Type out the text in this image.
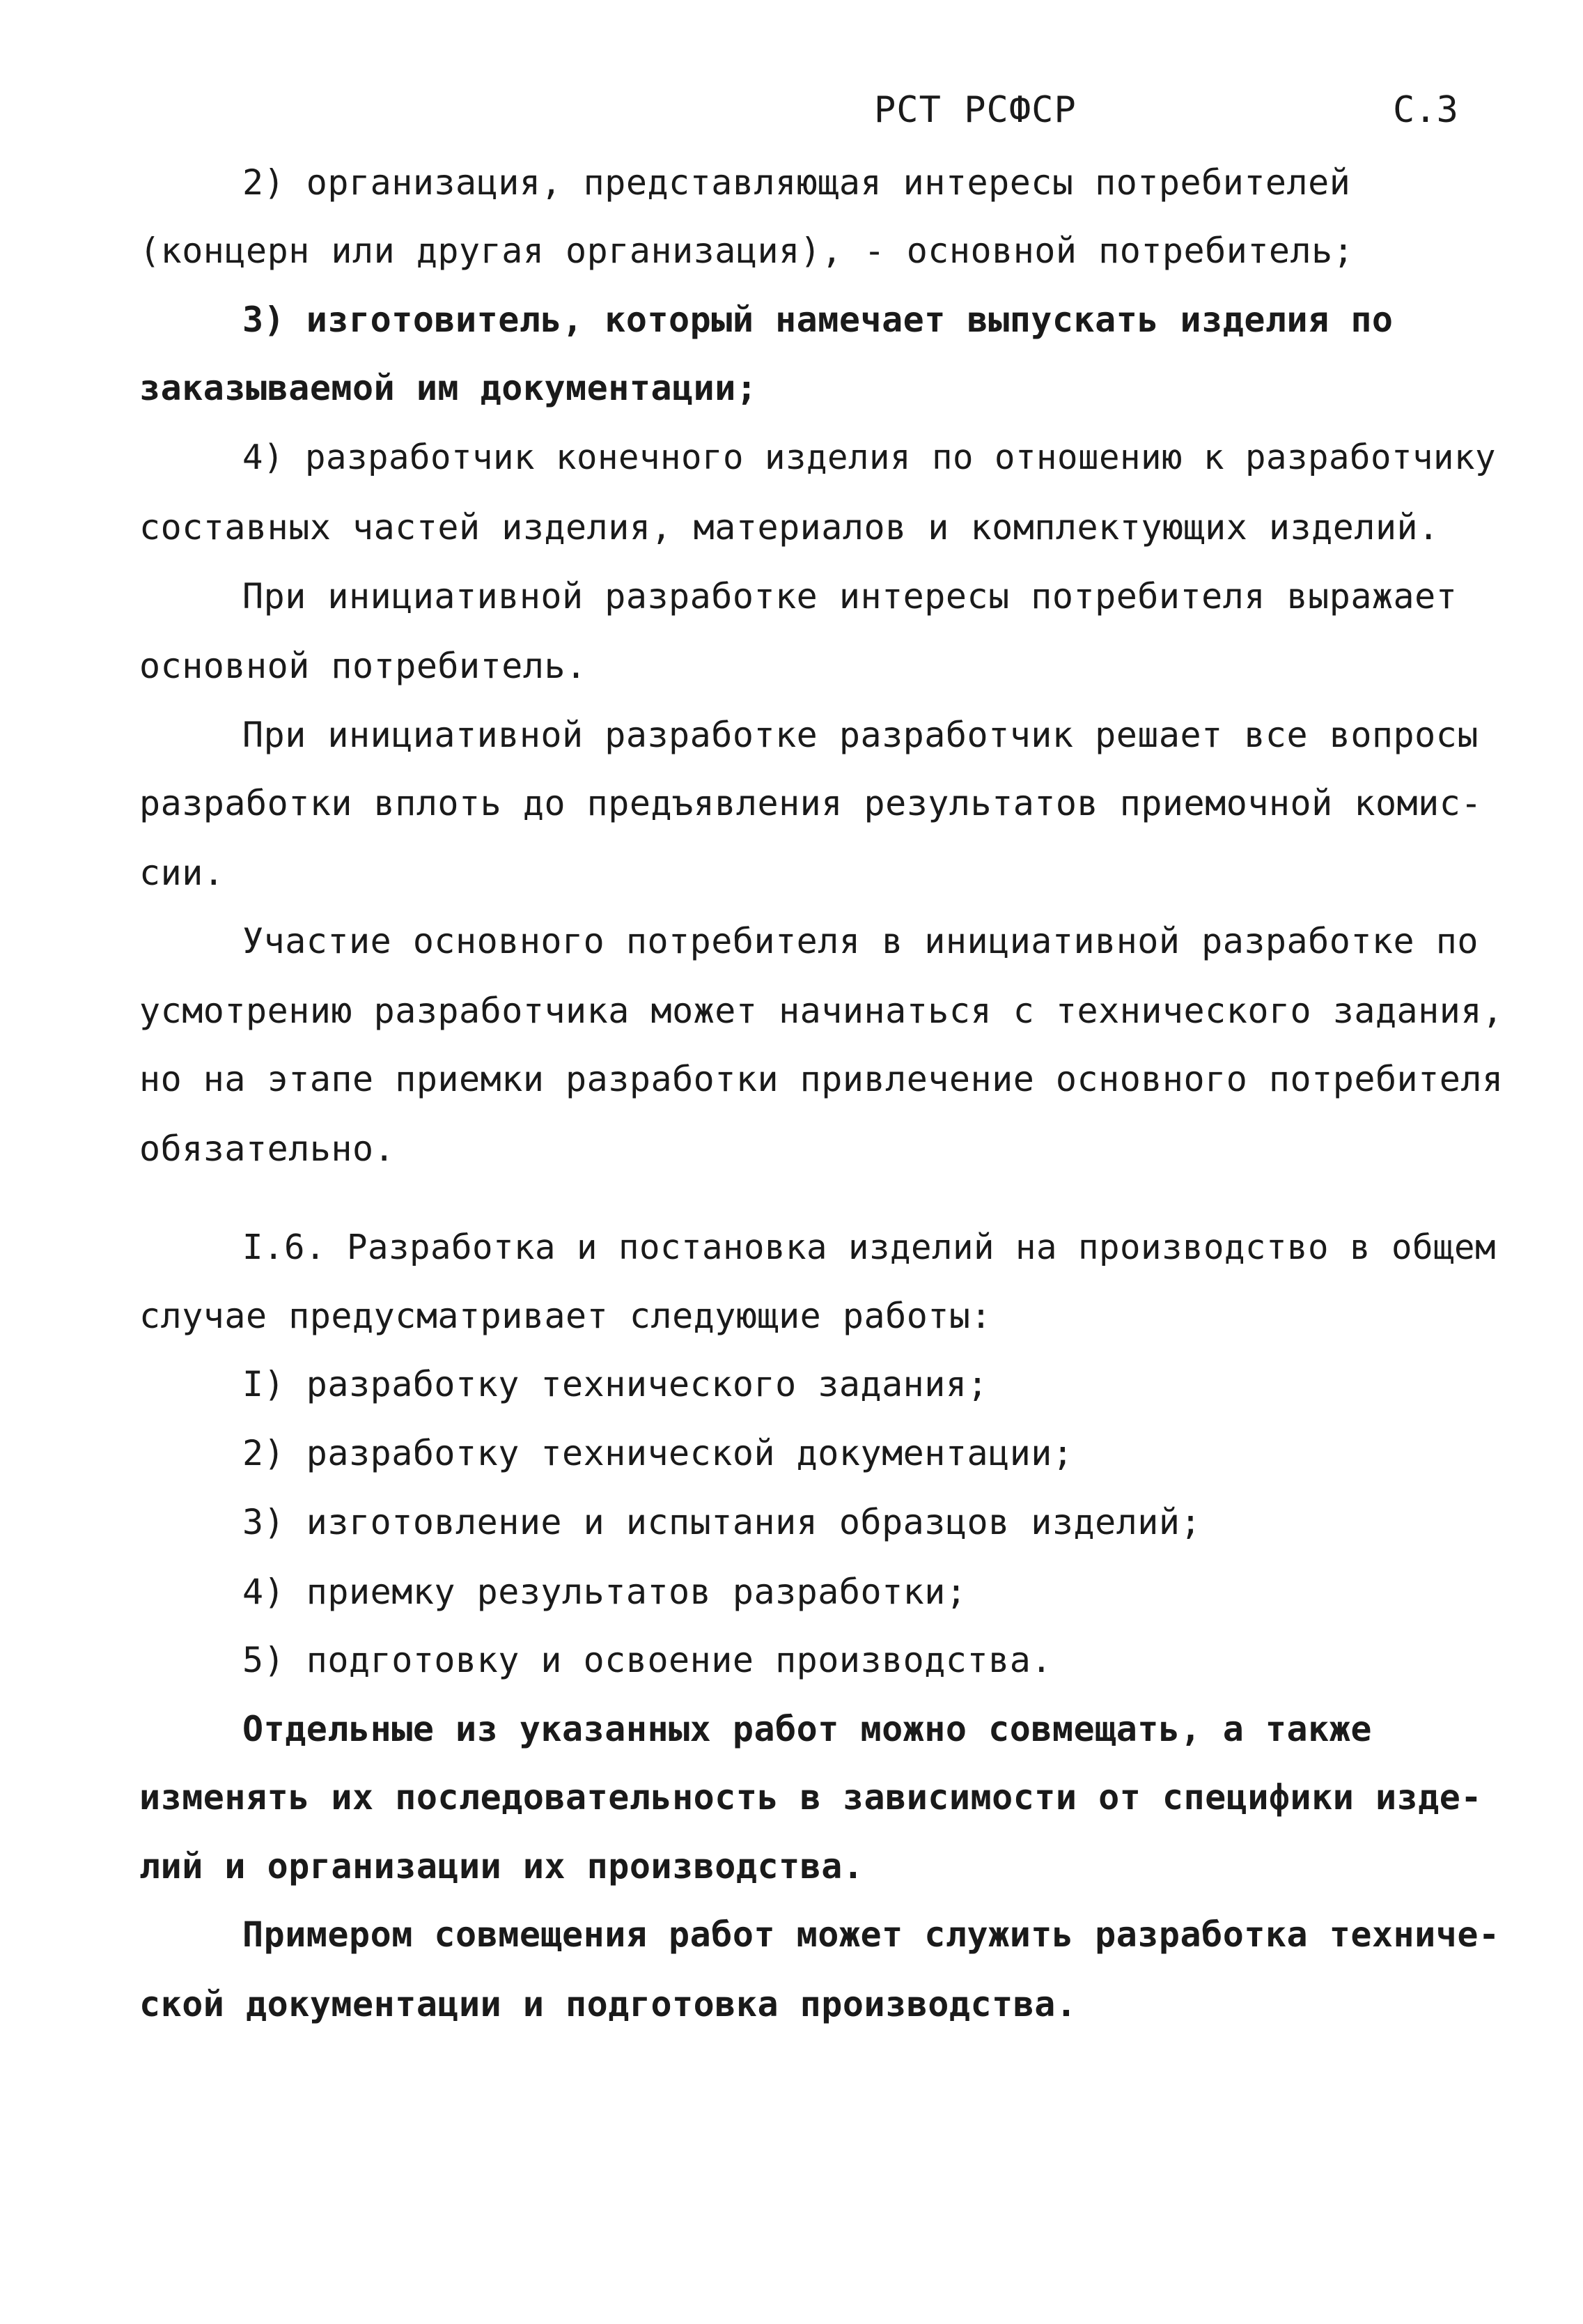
РСТ РСФСР	С.3
2) организация, представляющая интересы потребителей
(концерн или другая организация), - основной потребитель;
3) изготовитель, который намечает выпускать изделия по
заказываемой им документации;
4) разработчик конечного изделия по отношению к разработчику
составных частей изделия, материалов и комплектующих изделий.
При инициативной разработке интересы потребителя выражает
основной потребитель.
При инициативной разработке разработчик решает все вопросы
разработки вплоть до предъявления результатов приемочной комис-
сии.
Участие основного потребителя в инициативной разработке по
усмотрению разработчика может начинаться с технического задания,
но на этапе приемки разработки привлечение основного потребителя
обязательно.
I.6. Разработка и постановка изделий на производство в общем
случае предусматривает следующие работы:
I) разработку технического задания;
2) разработку технической документации;
3) изготовление и испытания образцов изделий;
4) приемку результатов разработки;
5) подготовку и освоение производства.
Отдельные из указанных работ можно совмещать, а также
изменять их последовательность в зависимости от специфики изде-
лий и организации их производства.
Примером совмещения работ может служить разработка техниче-
ской документации и подготовка производства.
